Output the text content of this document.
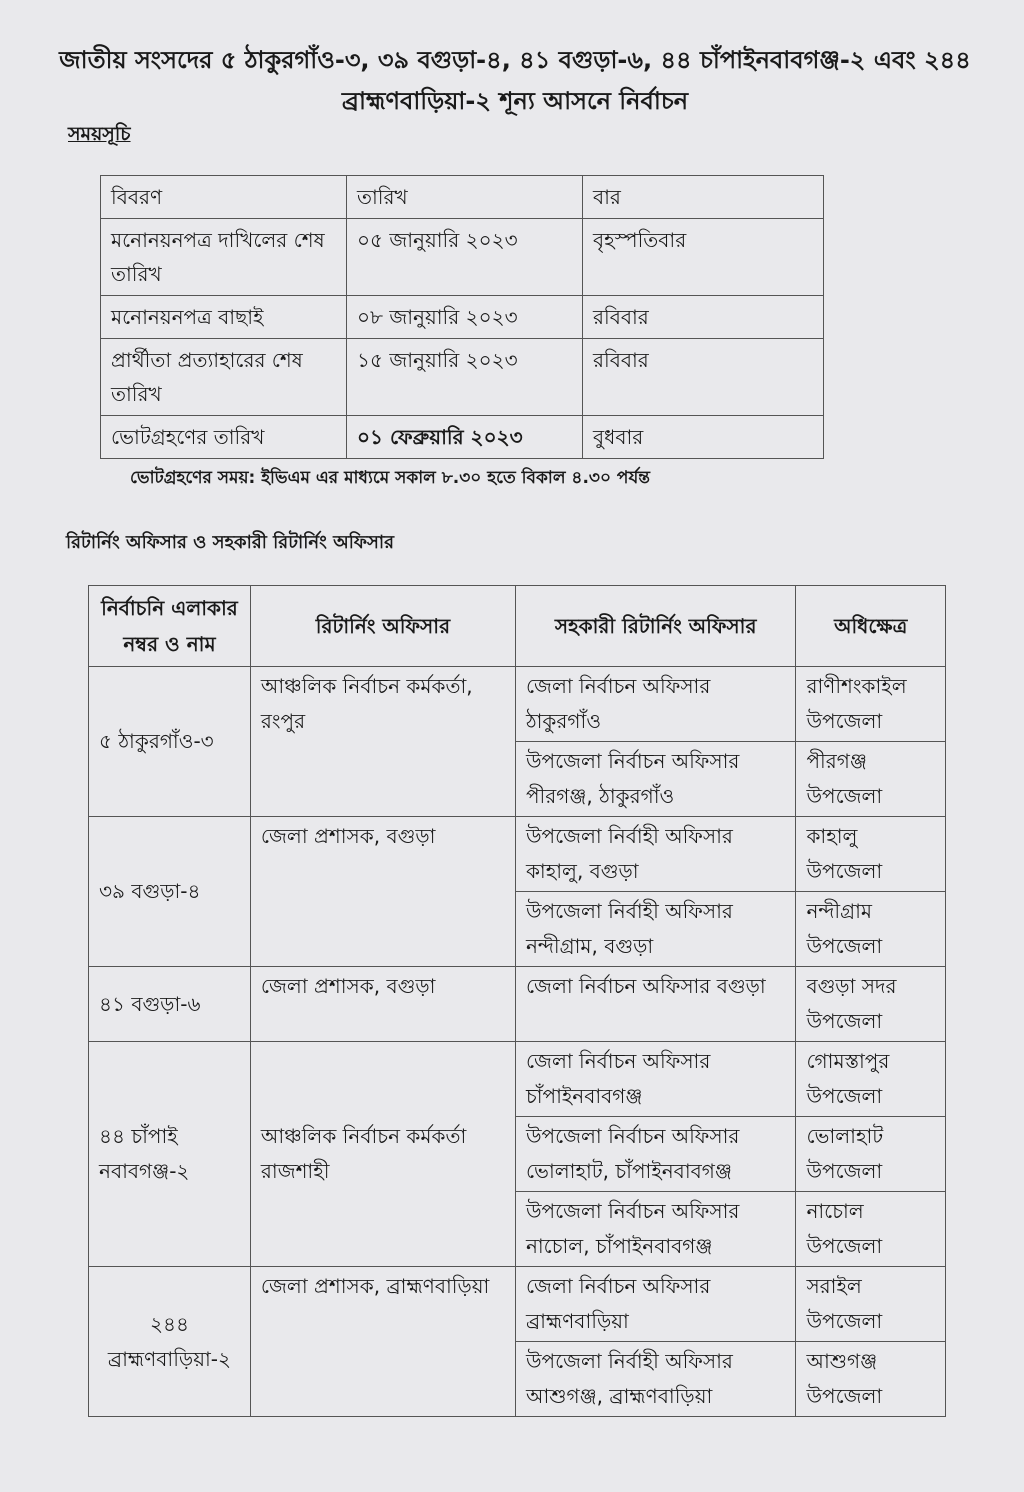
জাতীয় সংসদের ৫ ঠাকুরগাঁও-৩, ৩৯ বগুড়া-৪, ৪১ বগুড়া-৬, ৪৪ চাঁপাইনবাবগঞ্জ-২ এবং ২৪৪ ব্রাহ্মণবাড়িয়া-২ শূন্য আসনে নির্বাচন
সময়সূচি
বিবরণ	তারিখ	বার
মনোনয়নপত্র দাখিলের শেষ তারিখ	০৫ জানুয়ারি ২০২৩	বৃহস্পতিবার
মনোনয়নপত্র বাছাই	০৮ জানুয়ারি ২০২৩	রবিবার
প্রার্থীতা প্রত্যাহারের শেষ তারিখ	১৫ জানুয়ারি ২০২৩	রবিবার
ভোটগ্রহণের তারিখ	০১ ফেব্রুয়ারি ২০২৩	বুধবার
ভোটগ্রহণের সময়: ইভিএম এর মাধ্যমে সকাল ৮.৩০ হতে বিকাল ৪.৩০ পর্যন্ত
রিটার্নিং অফিসার ও সহকারী রিটার্নিং অফিসার
নির্বাচনি এলাকার নম্বর ও নাম	রিটার্নিং অফিসার	সহকারী রিটার্নিং অফিসার	অধিক্ষেত্র
৫ ঠাকুরগাঁও-৩	আঞ্চলিক নির্বাচন কর্মকর্তা, রংপুর	জেলা নির্বাচন অফিসার ঠাকুরগাঁও	রাণীশংকাইল উপজেলা
		উপজেলা নির্বাচন অফিসার পীরগঞ্জ, ঠাকুরগাঁও	পীরগঞ্জ উপজেলা
৩৯ বগুড়া-৪	জেলা প্রশাসক, বগুড়া	উপজেলা নির্বাহী অফিসার কাহালু, বগুড়া	কাহালু উপজেলা
		উপজেলা নির্বাহী অফিসার নন্দীগ্রাম, বগুড়া	নন্দীগ্রাম উপজেলা
৪১ বগুড়া-৬	জেলা প্রশাসক, বগুড়া	জেলা নির্বাচন অফিসার বগুড়া	বগুড়া সদর উপজেলা
৪৪ চাঁপাই নবাবগঞ্জ-২	আঞ্চলিক নির্বাচন কর্মকর্তা রাজশাহী	জেলা নির্বাচন অফিসার চাঁপাইনবাবগঞ্জ	গোমস্তাপুর উপজেলা
		উপজেলা নির্বাচন অফিসার ভোলাহাট, চাঁপাইনবাবগঞ্জ	ভোলাহাট উপজেলা
		উপজেলা নির্বাচন অফিসার নাচোল, চাঁপাইনবাবগঞ্জ	নাচোল উপজেলা
২৪৪ ব্রাহ্মণবাড়িয়া-২	জেলা প্রশাসক, ব্রাহ্মণবাড়িয়া	জেলা নির্বাচন অফিসার ব্রাহ্মণবাড়িয়া	সরাইল উপজেলা
		উপজেলা নির্বাহী অফিসার আশুগঞ্জ, ব্রাহ্মণবাড়িয়া	আশুগঞ্জ উপজেলা
